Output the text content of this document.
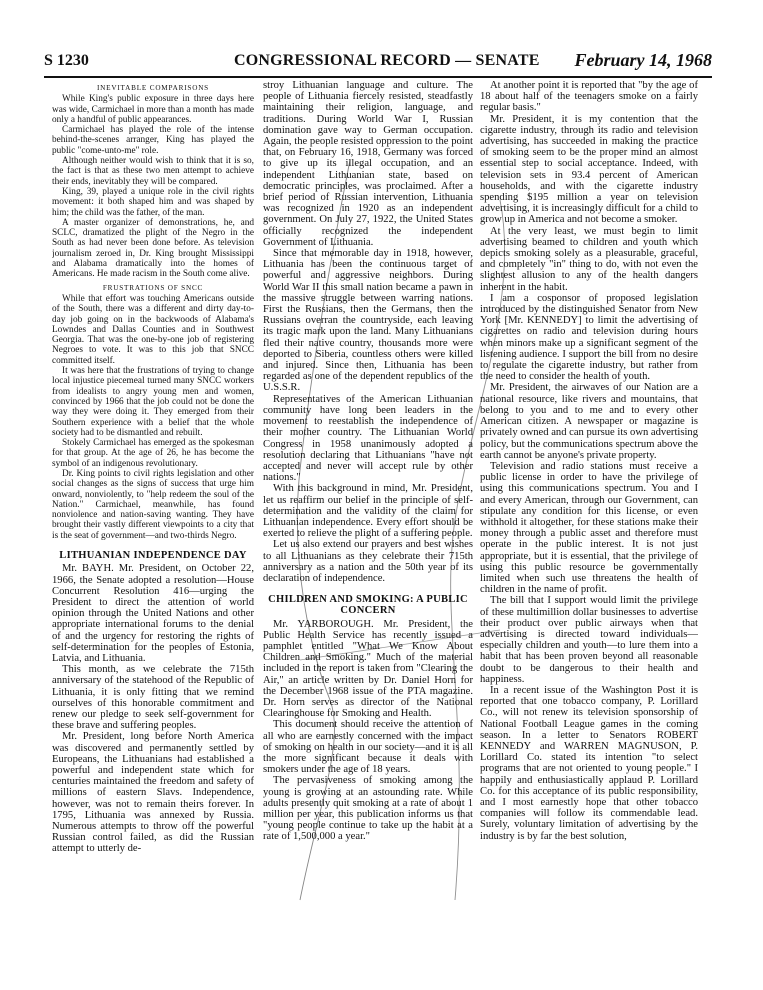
S 1230	CONGRESSIONAL RECORD — SENATE February 14, 1968
INEVITABLE COMPARISONS

While King's public exposure in three days here was wide, Carmichael in more than a month has made only a handful of public appearances.

Carmichael has played the role of the intense behind-the-scenes arranger, King has played the public "come-unto-me" role.

Although neither would wish to think that it is so, the fact is that as these two men attempt to achieve their ends, inevitably they will be compared.

King, 39, played a unique role in the civil rights movement: it both shaped him and was shaped by him; the child was the father, of the man.

A master organizer of demonstrations, he, and SCLC, dramatized the plight of the Negro in the South as had never been done before. As television journalism zeroed in, Dr. King brought Mississippi and Alabama dramatically into the homes of Americans. He made racism in the South come alive.

FRUSTRATIONS OF SNCC

While that effort was touching Americans outside of the South, there was a different and dirty day-to-day job going on in the backwoods of Alabama's Lowndes and Dallas Counties and in Southwest Georgia. That was the one-by-one job of registering Negroes to vote. It was to this job that SNCC committed itself.

It was here that the frustrations of trying to change local injustice piecemeal turned many SNCC workers from idealists to angry young men and women, convinced by 1966 that the job could not be done the way they were doing it. They emerged from their Southern experience with a belief that the whole society had to be dismantled and rebuilt.

Stokely Carmichael has emerged as the spokesman for that group. At the age of 26, he has become the symbol of an indigenous revolutionary.

Dr. King points to civil rights legislation and other social changes as the signs of success that urge him onward, nonviolently, to "help redeem the soul of the Nation." Carmichael, meanwhile, has found nonviolence and nation-saving wanting. They have brought their vastly different viewpoints to a city that is the seat of government—and two-thirds Negro.

LITHUANIAN INDEPENDENCE DAY

Mr. BAYH. Mr. President, on October 22, 1966, the Senate adopted a resolution—House Concurrent Resolution 416—urging the President to direct the attention of world opinion through the United Nations and other appropriate international forums to the denial of and the urgency for restoring the rights of self-determination for the peoples of Estonia, Latvia, and Lithuania.

This month, as we celebrate the 715th anniversary of the statehood of the Republic of Lithuania, it is only fitting that we remind ourselves of this honorable commitment and renew our pledge to seek self-government for these brave and suffering peoples.

Mr. President, long before North America was discovered and permanently settled by Europeans, the Lithuanians had established a powerful and independent state which for centuries maintained the freedom and safety of millions of eastern Slavs. Independence, however, was not to remain theirs forever. In 1795, Lithuania was annexed by Russia. Numerous attempts to throw off the powerful Russian control failed, as did the Russian attempt to utterly de-

stroy Lithuanian language and culture. The people of Lithuania fiercely resisted, steadfastly maintaining their religion, language, and traditions. During World War I, Russian domination gave way to German occupation. Again, the people resisted oppression to the point that, on February 16, 1918, Germany was forced to give up its illegal occupation, and an independent Lithuanian state, based on democratic principles, was proclaimed. After a brief period of Russian intervention, Lithuania was recognized in 1920 as an independent government. On July 27, 1922, the United States officially recognized the independent Government of Lithuania.

Since that memorable day in 1918, however, Lithuania has been the continuous target of powerful and aggressive neighbors. During World War II this small nation became a pawn in the massive struggle between warring nations. First the Russians, then the Germans, then the Russians overran the countryside, each leaving its tragic mark upon the land. Many Lithuanians fled their native country, thousands more were deported to Siberia, countless others were killed and injured. Since then, Lithuania has been regarded as one of the dependent republics of the U.S.S.R.

Representatives of the American Lithuanian community have long been leaders in the movement to reestablish the independence of their mother country. The Lithuanian World Congress in 1958 unanimously adopted a resolution declaring that Lithuanians "have not accepted and never will accept rule by other nations."

With this background in mind, Mr. President, let us reaffirm our belief in the principle of self-determination and the validity of the claim for Lithuanian independence. Every effort should be exerted to relieve the plight of a suffering people.

Let us also extend our prayers and best wishes to all Lithuanians as they celebrate their 715th anniversary as a nation and the 50th year of its declaration of independence.

CHILDREN AND SMOKING: A PUBLIC CONCERN

Mr. YARBOROUGH. Mr. President, the Public Health Service has recently issued a pamphlet entitled "What We Know About Children and Smoking." Much of the material included in the report is taken from "Clearing the Air," an article written by Dr. Daniel Horn for the December 1968 issue of the PTA magazine. Dr. Horn serves as director of the National Clearinghouse for Smoking and Health.

This document should receive the attention of all who are earnestly concerned with the impact of smoking on health in our society—and it is all the more significant because it deals with smokers under the age of 18 years.

The pervasiveness of smoking among the young is growing at an astounding rate. While adults presently quit smoking at a rate of about 1 million per year, this publication informs us that "young people continue to take up the habit at a rate of 1,500,000 a year."

At another point it is reported that "by the age of 18 about half of the teenagers smoke on a fairly regular basis."

Mr. President, it is my contention that the cigarette industry, through its radio and television advertising, has succeeded in making the practice of smoking seem to be the proper mind an almost essential step to social acceptance. Indeed, with television sets in 93.4 percent of American households, and with the cigarette industry spending $195 million a year on television advertising, it is increasingly difficult for a child to grow up in America and not become a smoker.

At the very least, we must begin to limit advertising beamed to children and youth which depicts smoking solely as a pleasurable, graceful, and completely "in" thing to do, with not even the slightest allusion to any of the health dangers inherent in the habit.

I am a cosponsor of proposed legislation introduced by the distinguished Senator from New York [Mr. KENNEDY] to limit the advertising of cigarettes on radio and television during hours when minors make up a significant segment of the listening audience. I support the bill from no desire to regulate the cigarette industry, but rather from the need to consider the health of youth.

Mr. President, the airwaves of our Nation are a national resource, like rivers and mountains, that belong to you and to me and to every other American citizen. A newspaper or magazine is privately owned and can pursue its own advertising policy, but the communications spectrum above the earth cannot be anyone's private property.

Television and radio stations must receive a public license in order to have the privilege of using this communications spectrum. You and I and every American, through our Government, can stipulate any condition for this license, or even withhold it altogether, for these stations make their money through a public asset and therefore must operate in the public interest. It is not just appropriate, but it is essential, that the privilege of using this public resource be governmentally limited when such use threatens the health of children in the name of profit.

The bill that I support would limit the privilege of these multimillion dollar businesses to advertise their product over public airways when that advertising is directed toward individuals—especially children and youth—to lure them into a habit that has been proven beyond all reasonable doubt to be dangerous to their health and happiness.

In a recent issue of the Washington Post it is reported that one tobacco company, P. Lorillard Co., will not renew its television sponsorship of National Football League games in the coming season. In a letter to Senators ROBERT KENNEDY and WARREN MAGNUSON, P. Lorillard Co. stated its intention "to select programs that are not oriented to young people." I happily and enthusiastically applaud P. Lorillard Co. for this acceptance of its public responsibility, and I most earnestly hope that other tobacco companies will follow its commendable lead. Surely, voluntary limitation of advertising by the industry is by far the best solution,
